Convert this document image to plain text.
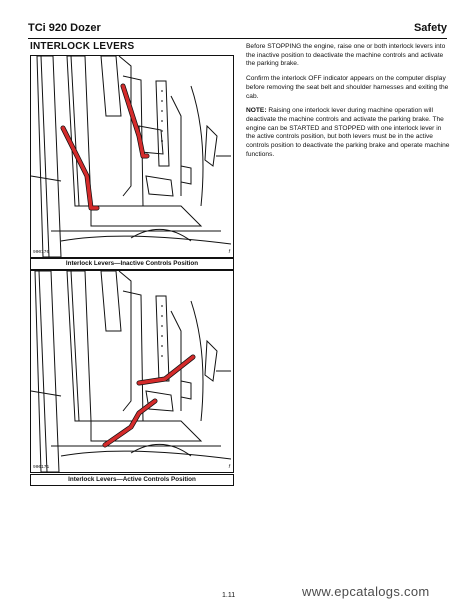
TCi 920 Dozer	Safety
INTERLOCK LEVERS
900170	f
Interlock Levers—Inactive Controls Position
900171	f
Interlock Levers—Active Controls Position

Before STOPPING the engine, raise one or both interlock levers into the inactive position to deactivate the machine controls and activate the parking brake.

Confirm the interlock OFF indicator appears on the computer display before removing the seat belt and shoulder harnesses and exiting the cab.

NOTE: Raising one interlock lever during machine operation will deactivate the machine controls and activate the parking brake. The engine can be STARTED and STOPPED with one interlock lever in the active controls position, but both levers must be in the active controls position to deactivate the parking brake and operate machine functions.

1.11	www.epcatalogs.com
